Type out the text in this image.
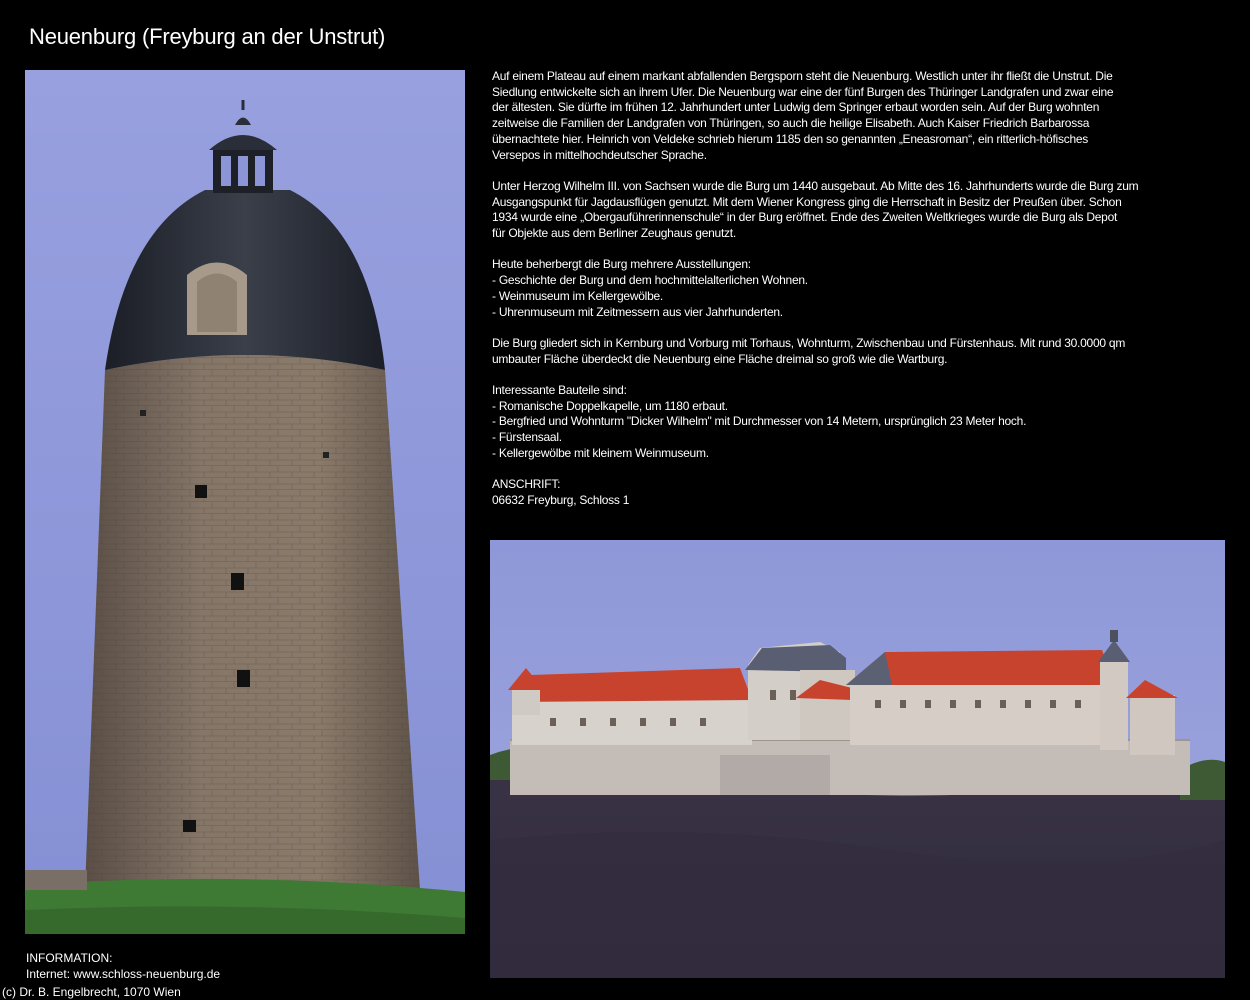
Neuenburg (Freyburg an der Unstrut)

Auf einem Plateau auf einem markant abfallenden Bergsporn steht die Neuenburg. Westlich unter ihr fließt die Unstrut. Die
Siedlung entwickelte sich an ihrem Ufer. Die Neuenburg war eine der fünf Burgen des Thüringer Landgrafen und zwar eine
der ältesten. Sie dürfte im frühen 12. Jahrhundert unter Ludwig dem Springer erbaut worden sein. Auf der Burg wohnten
zeitweise die Familien der Landgrafen von Thüringen, so auch die heilige Elisabeth. Auch Kaiser Friedrich Barbarossa
übernachtete hier. Heinrich von Veldeke schrieb hierum 1185 den so genannten „Eneasroman“, ein ritterlich-höfisches
Versepos in mittelhochdeutscher Sprache.

Unter Herzog Wilhelm III. von Sachsen wurde die Burg um 1440 ausgebaut. Ab Mitte des 16. Jahrhunderts wurde die Burg zum
Ausgangspunkt für Jagdausflügen genutzt. Mit dem Wiener Kongress ging die Herrschaft in Besitz der Preußen über. Schon
1934 wurde eine „Obergauführerinnenschule“ in der Burg eröffnet. Ende des Zweiten Weltkrieges wurde die Burg als Depot
für Objekte aus dem Berliner Zeughaus genutzt.

Heute beherbergt die Burg mehrere Ausstellungen:
- Geschichte der Burg und dem hochmittelalterlichen Wohnen.
- Weinmuseum im Kellergewölbe.
- Uhrenmuseum mit Zeitmessern aus vier Jahrhunderten.

Die Burg gliedert sich in Kernburg und Vorburg mit Torhaus, Wohnturm, Zwischenbau und Fürstenhaus. Mit rund 30.0000 qm
umbauter Fläche überdeckt die Neuenburg eine Fläche dreimal so groß wie die Wartburg.

Interessante Bauteile sind:
- Romanische Doppelkapelle, um 1180 erbaut.
- Bergfried und Wohnturm "Dicker Wilhelm" mit Durchmesser von 14 Metern, ursprünglich 23 Meter hoch.
- Fürstensaal.
- Kellergewölbe mit kleinem Weinmuseum.

ANSCHRIFT:
06632 Freyburg, Schloss 1

INFORMATION:
Internet: www.schloss-neuenburg.de
(c) Dr. B. Engelbrecht, 1070 Wien
